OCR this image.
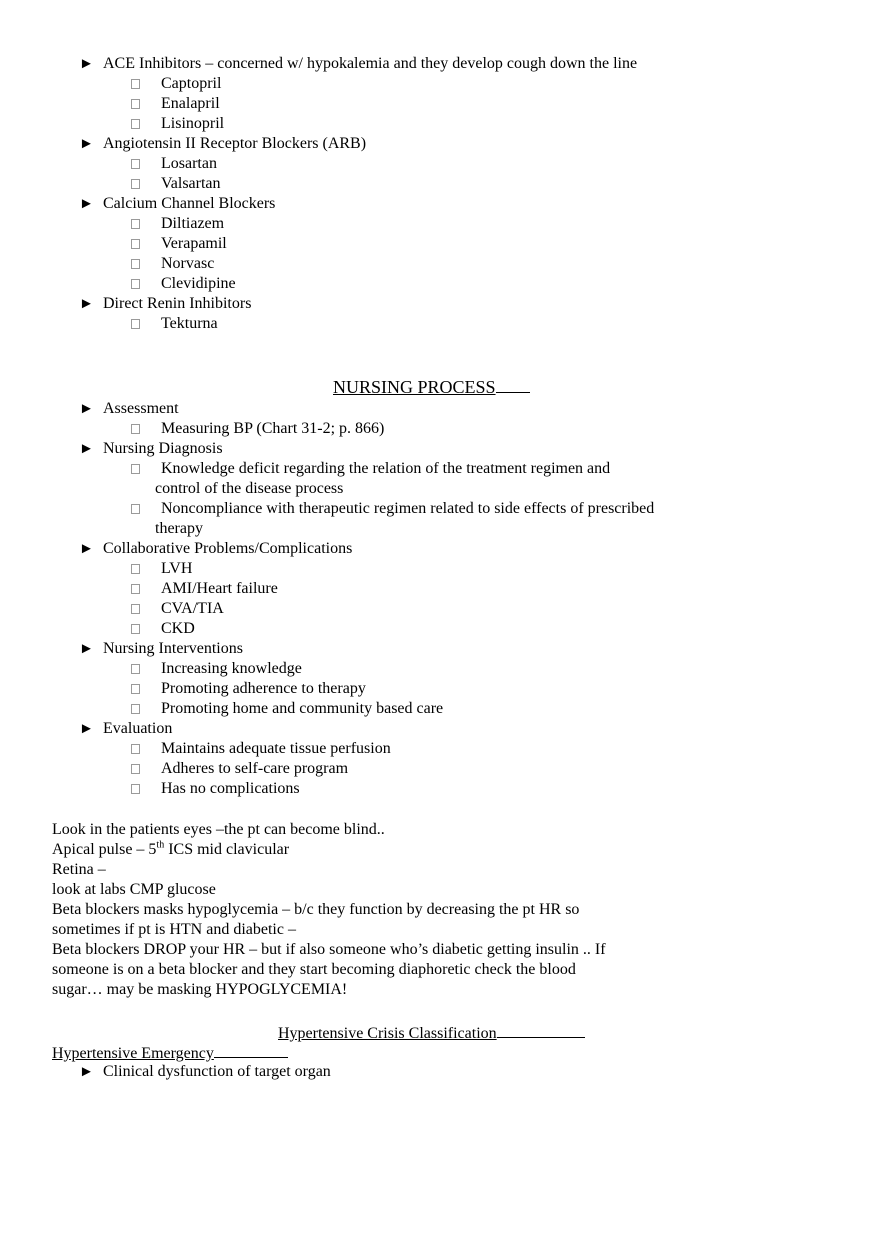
► ACE Inhibitors – concerned w/ hypokalemia and they develop cough down the line
Captopril
Enalapril
Lisinopril
► Angiotensin II Receptor Blockers (ARB)
Losartan
Valsartan
► Calcium Channel Blockers
Diltiazem
Verapamil
Norvasc
Clevidipine
► Direct Renin Inhibitors
Tekturna
NURSING PROCESS
► Assessment
Measuring BP (Chart 31-2; p. 866)
► Nursing Diagnosis
Knowledge deficit regarding the relation of the treatment regimen and
control of the disease process
Noncompliance with therapeutic regimen related to side effects of prescribed
therapy
► Collaborative Problems/Complications
LVH
AMI/Heart failure
CVA/TIA
CKD
► Nursing Interventions
Increasing knowledge
Promoting adherence to therapy
Promoting home and community based care
► Evaluation
Maintains adequate tissue perfusion
Adheres to self-care program
Has no complications

Look in the patients eyes –the pt can become blind..

Apical pulse – 5th ICS mid clavicular

Retina –

look at labs CMP glucose

Beta blockers masks hypoglycemia – b/c they function by decreasing the pt HR so

sometimes if pt is HTN and diabetic –

Beta blockers DROP your HR – but if also someone who’s diabetic getting insulin .. If

someone is on a beta blocker and they start becoming diaphoretic check the blood

sugar… may be masking HYPOGLYCEMIA!

Hypertensive Crisis Classification
Hypertensive Emergency
► Clinical dysfunction of target organ
